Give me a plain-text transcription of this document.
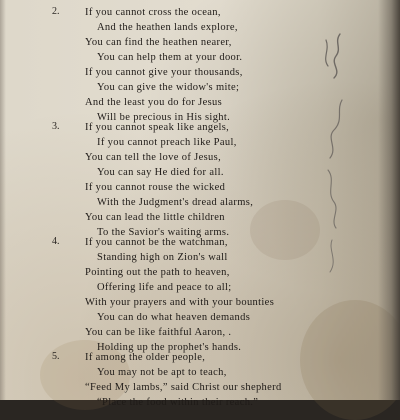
2. If you cannot cross the ocean,
And the heathen lands explore,
You can find the heathen nearer,
You can help them at your door.
If you cannot give your thousands,
You can give the widow's mite;
And the least you do for Jesus
Will be precious in His sight.
3. If you cannot speak like angels,
If you cannot preach like Paul,
You can tell the love of Jesus,
You can say He died for all.
If you cannot rouse the wicked
With the Judgment's dread alarms,
You can lead the little children
To the Savior's waiting arms.
4. If you cannot be the watchman,
Standing high on Zion's wall
Pointing out the path to heaven,
Offering life and peace to all;
With your prayers and with your bounties
You can do what heaven demands
You can be like faithful Aaron, .
Holding up the prophet's hands.
5. If among the older people,
You may not be apt to teach,
“Feed My lambs,” said Christ our shepherd
“Place the food within their reach.”
